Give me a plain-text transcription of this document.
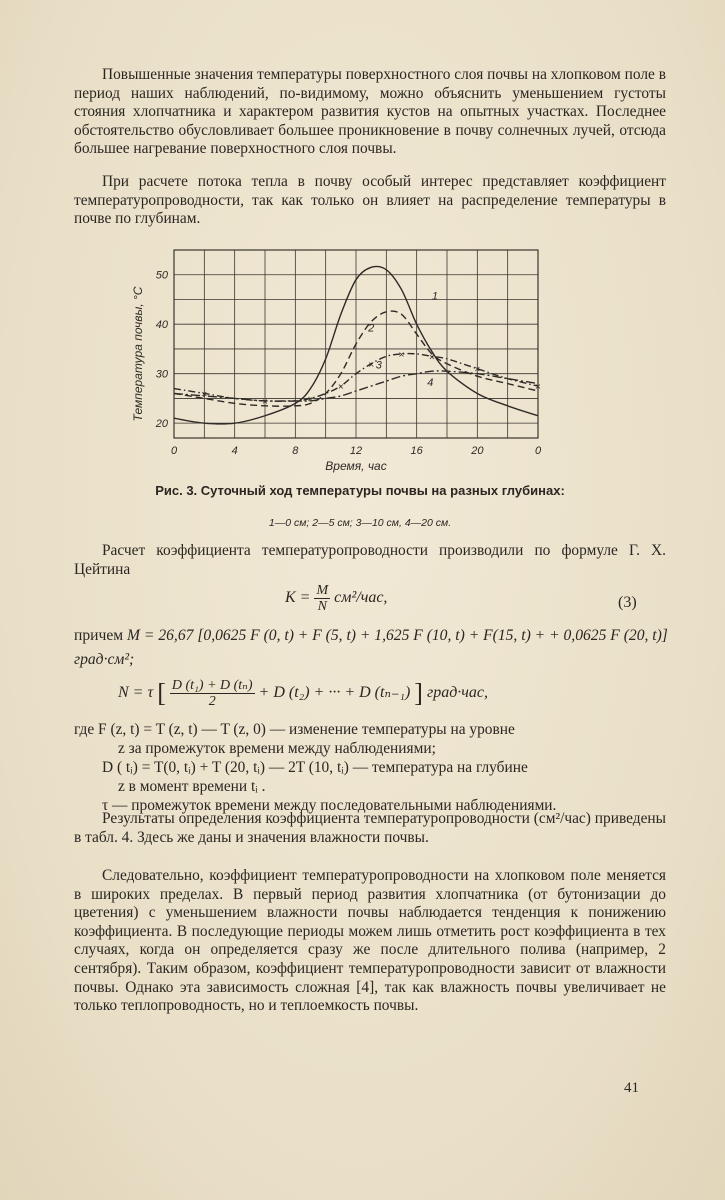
Повышенные значения температуры поверхностного слоя почвы на хлопковом поле в период наших наблюдений, по-видимому, можно объяснить уменьшением густоты стояния хлопчатника и характером развития кустов на опытных участках. Последнее обстоятельство обусловливает большее проникновение в почву солнечных лучей, отсюда большее нагревание поверхностного слоя почвы.

При расчете потока тепла в почву особый интерес представляет коэффициент температуропроводности, так как только он влияет на распределение температуры в почве по глубинам.

20
30
40
50
0	4	8	12	16	20	0
Время, час
Температура почвы, °C	1
2
×
×	×
×
×
×	×
×
×
3
4
Рис. 3. Суточный ход температуры почвы на разных глубинах:
1—0 см; 2—5 см; 3—10 см, 4—20 см.

Расчет коэффициента температуропроводности производили по формуле Г. Х. Цейтина

$K = \frac{M}{N} см^2/час$,	(3)
причем M = 26,67 [0,0625 F (0, t) + F (5, t) + 1,625 F (10, t) + F(15, t) + + 0,0625 F (20, t)] град·см²;
N = τ [ $\frac{\text{D (t₁) + D (tₙ)}}{2} + D$ (t₂) + ··· + D (tₙ₋₁) ] град·час,
где F (z, t) = T (z, t) — T (z, 0) — изменение температуры на уровне
z за промежуток времени между наблюдениями;
D ( tᵢ) = T(0, tᵢ) + T (20, tᵢ) — 2T (10, tᵢ) — температура на глубине
z в момент времени tᵢ .
τ — промежуток времени между последовательными наблюдениями.

Результаты определения коэффициента температуропроводности (см²/час) приведены в табл. 4. Здесь же даны и значения влажности почвы.

Следовательно, коэффициент температуропроводности на хлопковом поле меняется в широких пределах. В первый период развития хлопчатника (от бутонизации до цветения) с уменьшением влажности почвы наблюдается тенденция к понижению коэффициента. В последующие периоды можем лишь отметить рост коэффициента в тех случаях, когда он определяется сразу же после длительного полива (например, 2 сентября). Таким образом, коэффициент температуропроводности зависит от влажности почвы. Однако эта зависимость сложная [4], так как влажность почвы увеличивает не только теплопроводность, но и теплоемкость почвы.

41
